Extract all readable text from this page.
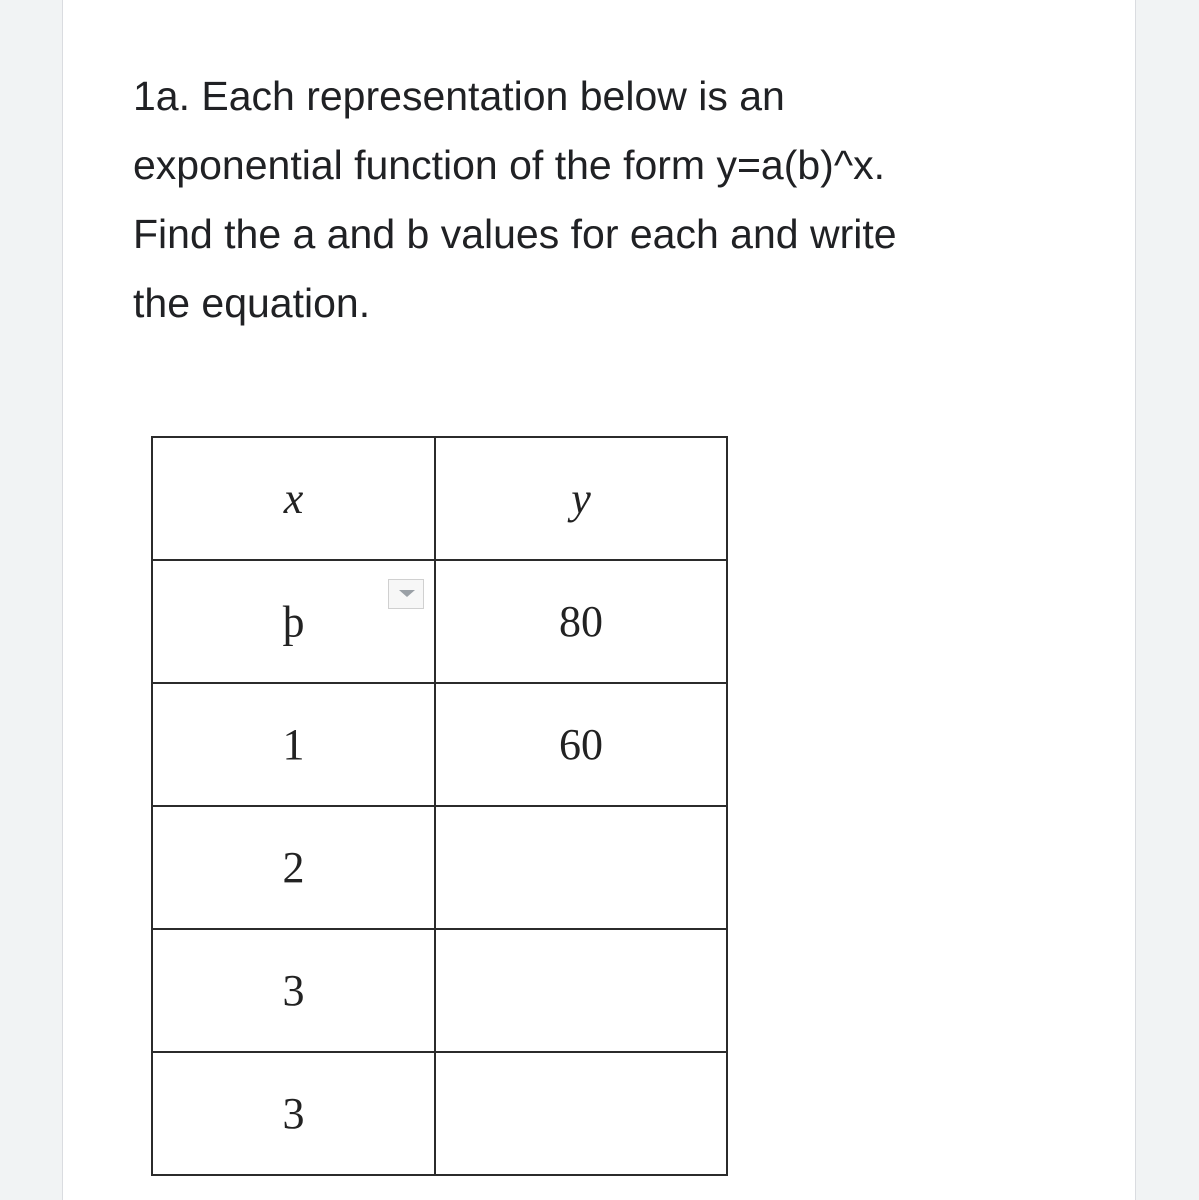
1a. Each representation below is an
exponential function of the form y=a(b)^x.
Find the a and b values for each and write
the equation.

x	y

þ	80
1	60
2	
3	
3	
